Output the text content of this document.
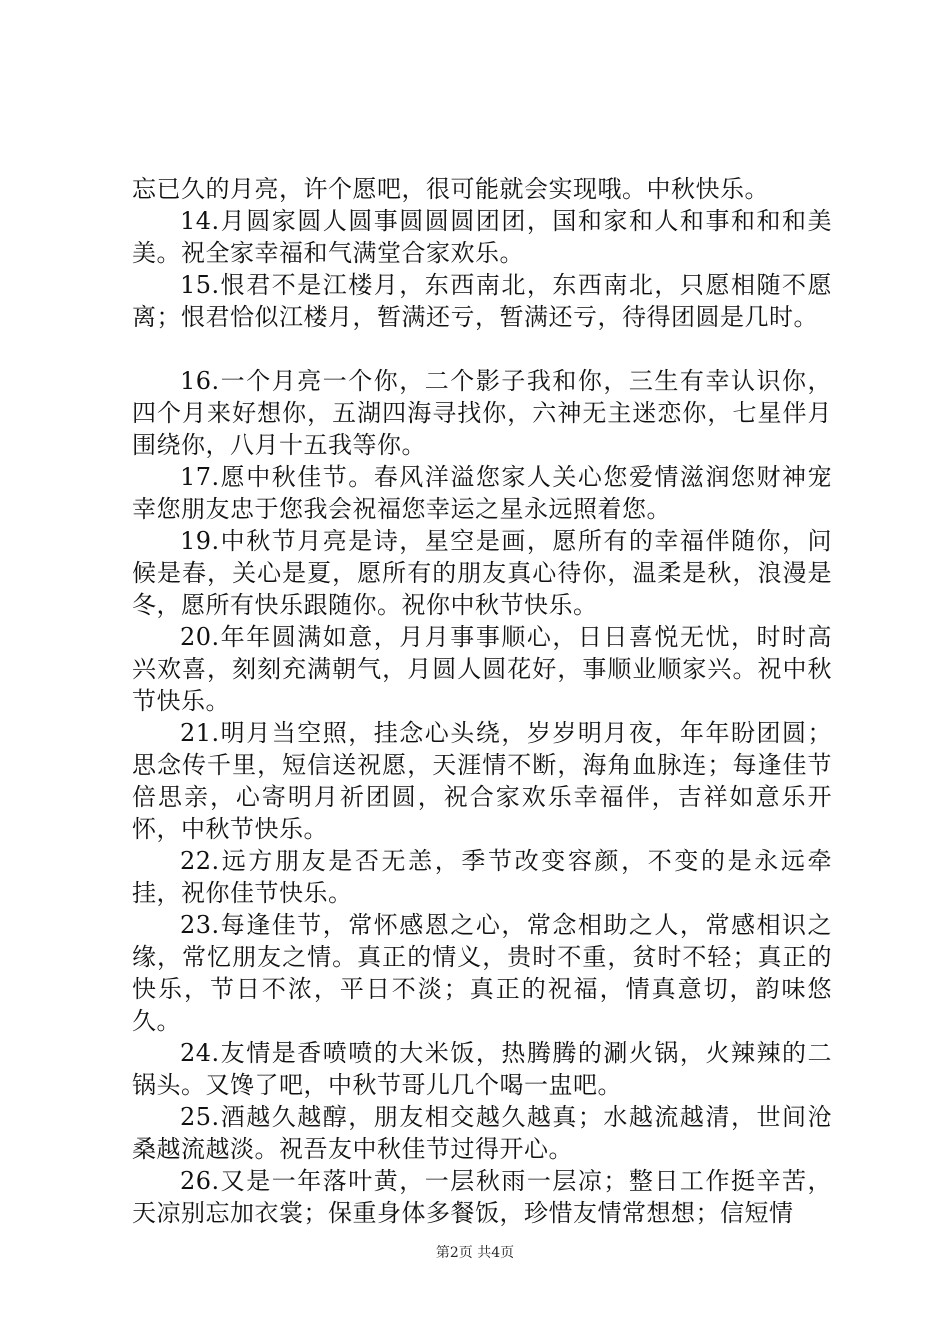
忘已久的月亮，许个愿吧，很可能就会实现哦。中秋快乐。

14.月圆家圆人圆事圆圆圆团团，国和家和人和事和和和美美。祝全家幸福和气满堂合家欢乐。

15.恨君不是江楼月，东西南北，东西南北，只愿相随不愿离；恨君恰似江楼月，暂满还亏，暂满还亏，待得团圆是几时。

16.一个月亮一个你，二个影子我和你，三生有幸认识你，四个月来好想你，五湖四海寻找你，六神无主迷恋你，七星伴月围绕你，八月十五我等你。

17.愿中秋佳节。春风洋溢您家人关心您爱情滋润您财神宠幸您朋友忠于您我会祝福您幸运之星永远照着您。

19.中秋节月亮是诗，星空是画，愿所有的幸福伴随你，问候是春，关心是夏，愿所有的朋友真心待你，温柔是秋，浪漫是冬，愿所有快乐跟随你。祝你中秋节快乐。

20.年年圆满如意，月月事事顺心，日日喜悦无忧，时时高兴欢喜，刻刻充满朝气，月圆人圆花好，事顺业顺家兴。祝中秋节快乐。

21.明月当空照，挂念心头绕，岁岁明月夜，年年盼团圆；思念传千里，短信送祝愿，天涯情不断，海角血脉连；每逢佳节倍思亲，心寄明月祈团圆，祝合家欢乐幸福伴，吉祥如意乐开怀，中秋节快乐。

22.远方朋友是否无恙，季节改变容颜，不变的是永远牵挂，祝你佳节快乐。

23.每逢佳节，常怀感恩之心，常念相助之人，常感相识之缘，常忆朋友之情。真正的情义，贵时不重，贫时不轻；真正的快乐，节日不浓，平日不淡；真正的祝福，情真意切，韵味悠久。

24.友情是香喷喷的大米饭，热腾腾的涮火锅，火辣辣的二锅头。又馋了吧，中秋节哥儿几个喝一盅吧。

25.酒越久越醇，朋友相交越久越真；水越流越清，世间沧桑越流越淡。祝吾友中秋佳节过得开心。

26.又是一年落叶黄，一层秋雨一层凉；整日工作挺辛苦，天凉别忘加衣裳；保重身体多餐饭，珍惜友情常想想；信短情

第2页 共4页
